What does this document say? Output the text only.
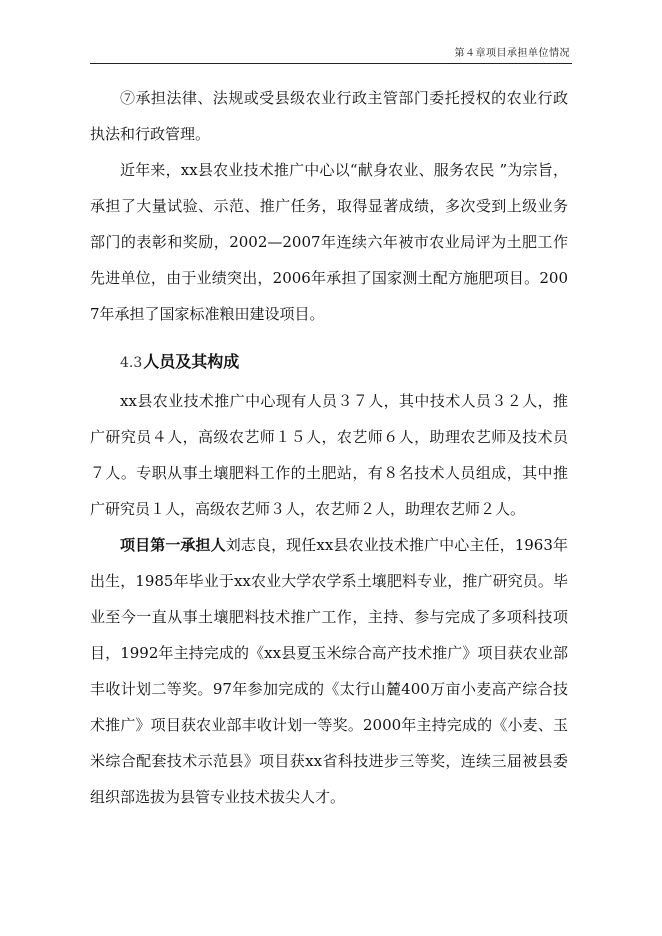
第４章项目承担单位情况

⑦承担法律、法规或受县级农业行政主管部门委托授权的农业行政执法和行政管理。

近年来，xx县农业技术推广中心以“献身农业、服务农民 ”为宗旨，承担了大量试验、示范、推广任务，取得显著成绩，多次受到上级业务部门的表彰和奖励，2002—2007年连续六年被市农业局评为土肥工作先进单位，由于业绩突出，2006年承担了国家测土配方施肥项目。2007年承担了国家标准粮田建设项目。

4.3人员及其构成

xx县农业技术推广中心现有人员３７人，其中技术人员３２人，推广研究员４人，高级农艺师１５人，农艺师６人，助理农艺师及技术员７人。专职从事土壤肥料工作的土肥站，有８名技术人员组成，其中推广研究员１人，高级农艺师３人，农艺师２人，助理农艺师２人。

项目第一承担人刘志良，现任xx县农业技术推广中心主任，1963年出生，1985年毕业于xx农业大学农学系土壤肥料专业，推广研究员。毕业至今一直从事土壤肥料技术推广工作，主持、参与完成了多项科技项目，1992年主持完成的《xx县夏玉米综合高产技术推广》项目获农业部丰收计划二等奖。97年参加完成的《太行山麓400万亩小麦高产综合技术推广》项目获农业部丰收计划一等奖。2000年主持完成的《小麦、玉米综合配套技术示范县》项目获xx省科技进步三等奖，连续三届被县委组织部选拔为县管专业技术拔尖人才。
